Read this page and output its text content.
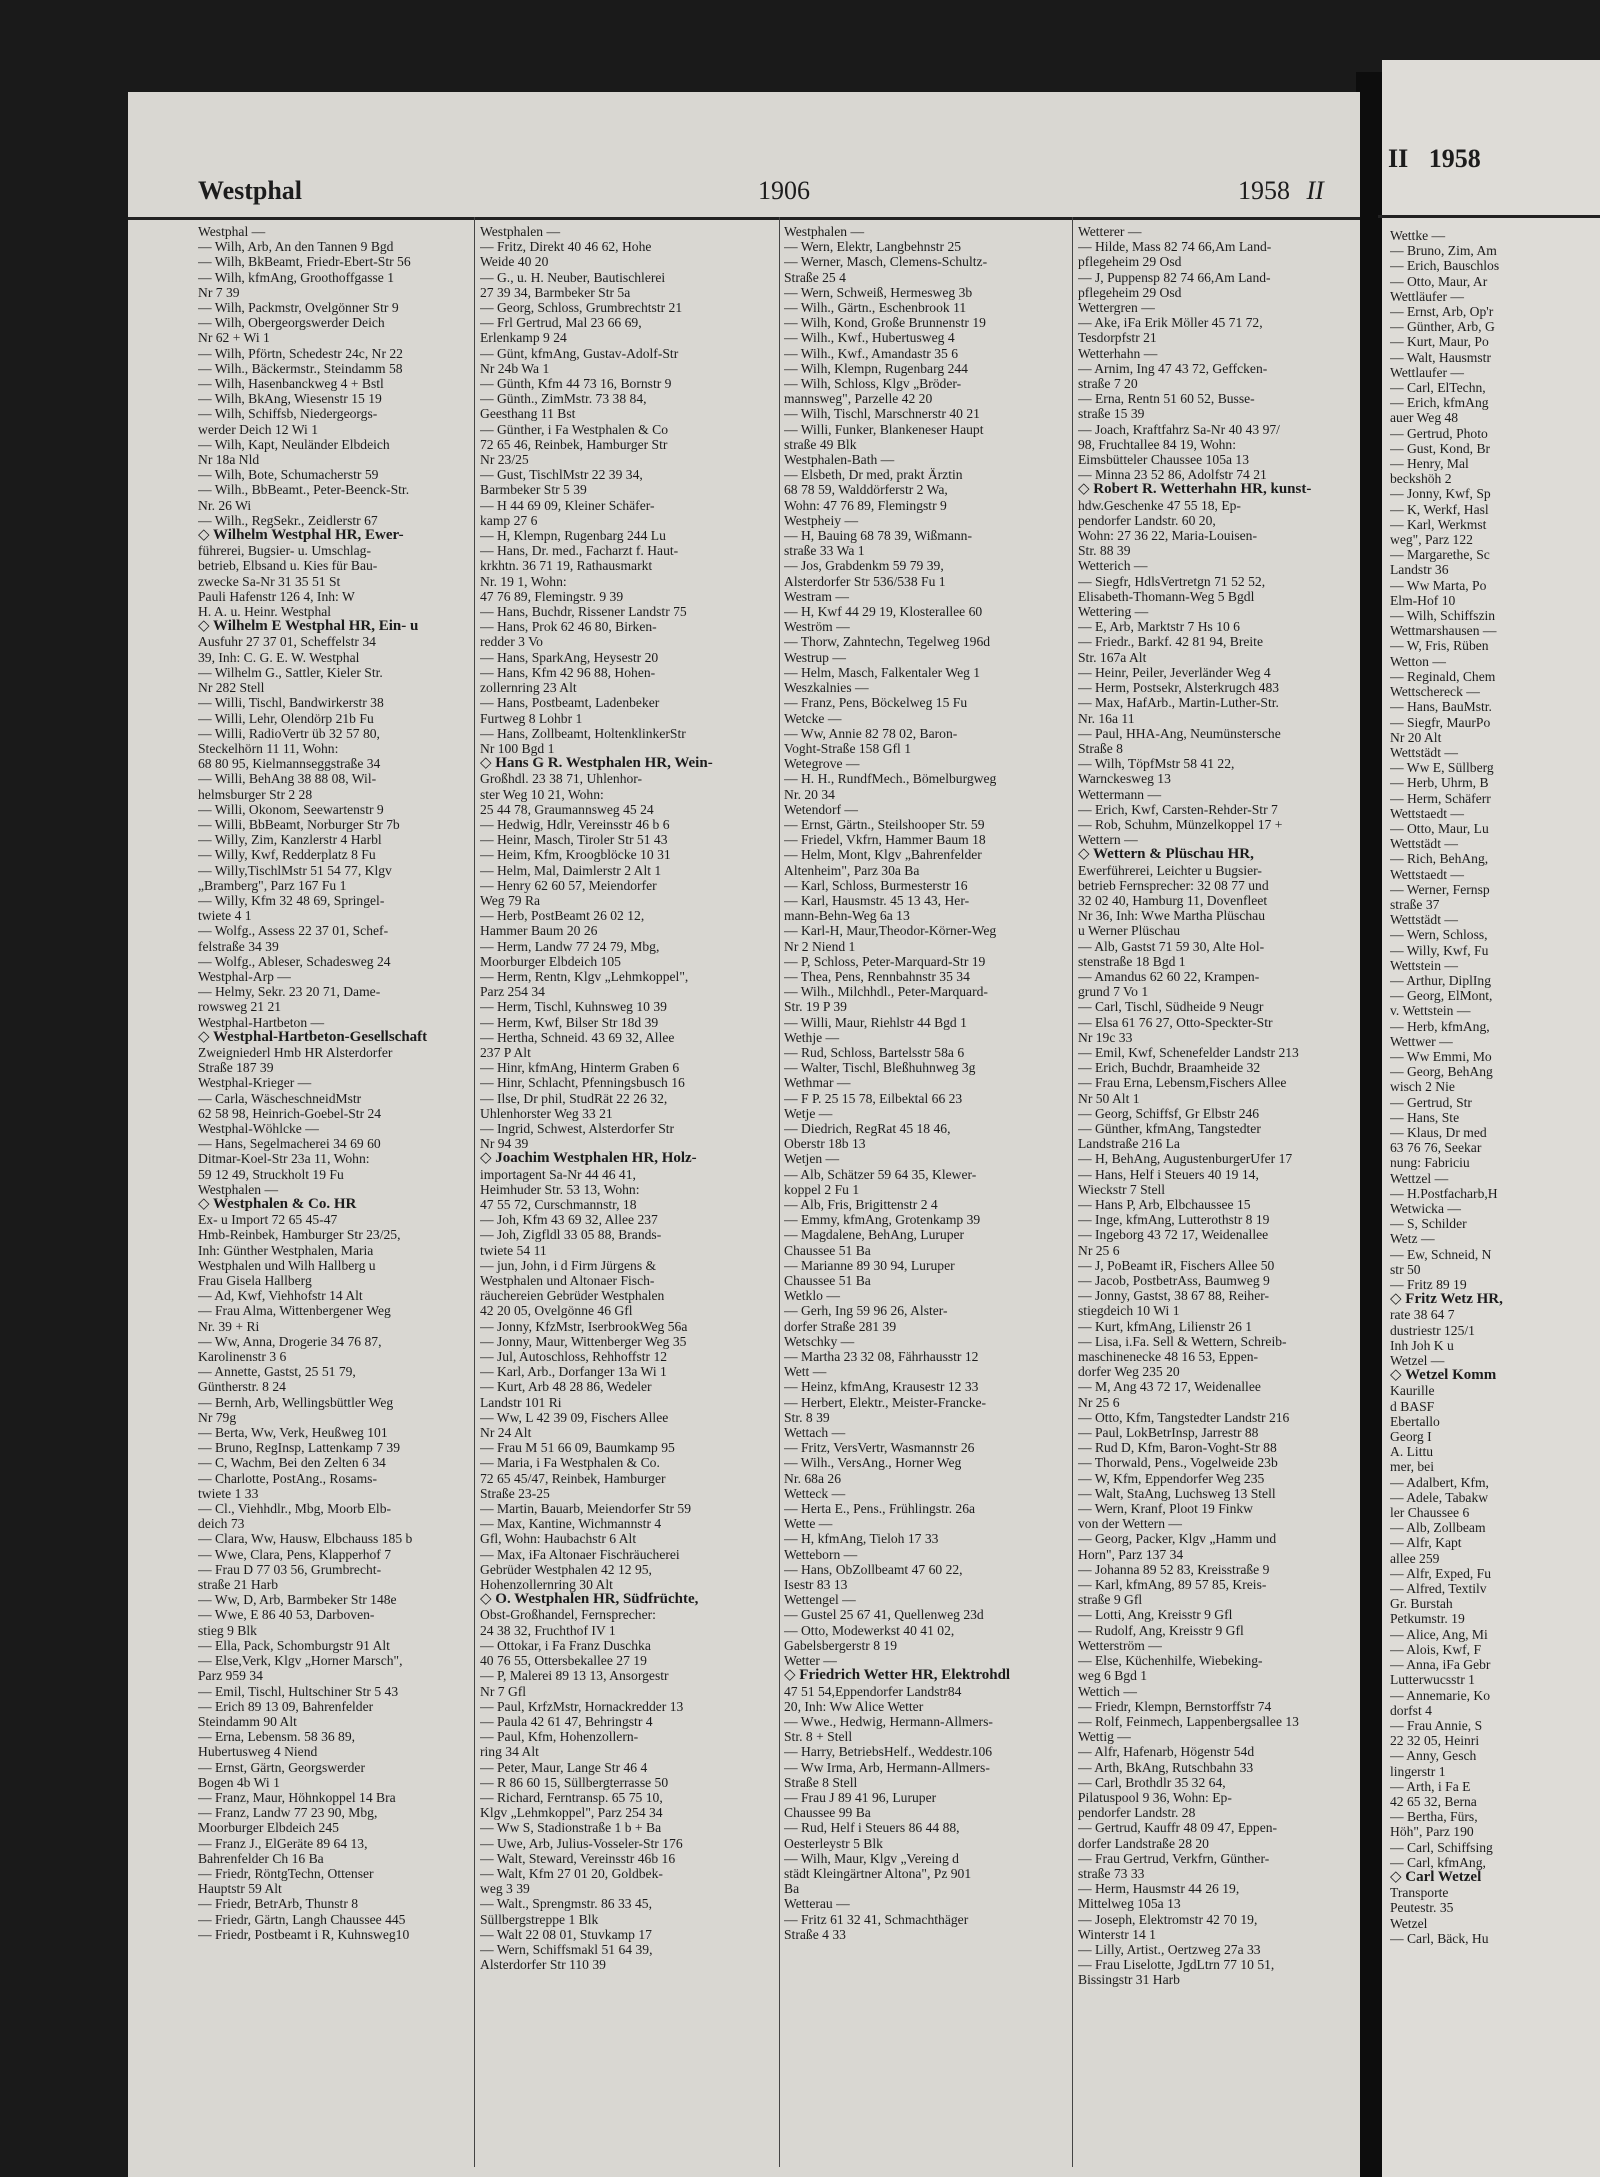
II 1958
Wettke —
— Bruno, Zim, Am
— Erich, Bauschlos
— Otto, Maur, Ar
Wettläufer —
— Ernst, Arb, Op'r
— Günther, Arb, G
— Kurt, Maur, Po
— Walt, Hausmstr
Wettlaufer —
— Carl, ElTechn,
— Erich, kfmAng
auer Weg 48
— Gertrud, Photo
— Gust, Kond, Br
— Henry, Mal
beckshöh 2
— Jonny, Kwf, Sp
— K, Werkf, Hasl
— Karl, Werkmst
weg", Parz 122
— Margarethe, Sc
Landstr 36
— Ww Marta, Po
Elm-Hof 10
— Wilh, Schiffszin
Wettmarshausen —
— W, Fris, Rüben
Wetton —
— Reginald, Chem
Wettschereck —
— Hans, BauMstr.
— Siegfr, MaurPo
Nr 20 Alt
Wettstädt —
— Ww E, Süllberg
— Herb, Uhrm, B
— Herm, Schäferr
Wettstaedt —
— Otto, Maur, Lu
Wettstädt —
— Rich, BehAng,
Wettstaedt —
— Werner, Fernsp
straße 37
Wettstädt —
— Wern, Schloss,
— Willy, Kwf, Fu
Wettstein —
— Arthur, DiplIng
— Georg, ElMont,
v. Wettstein —
— Herb, kfmAng,
Wettwer —
— Ww Emmi, Mo
— Georg, BehAng
wisch 2 Nie
— Gertrud, Str
— Hans, Ste
— Klaus, Dr med
63 76 76, Seekar
nung: Fabriciu
Wettzel —
— H.Postfacharb,H
Wetwicka —
— S, Schilder
Wetz —
— Ew, Schneid, N
str 50
— Fritz 89 19
◇ Fritz Wetz HR,
rate 38 64 7
dustriestr 125/1
Inh Joh K u
Wetzel —
◇ Wetzel Komm
Kaurille
d BASF
Ebertallo
Georg I
A. Littu
mer, bei
— Adalbert, Kfm,
— Adele, Tabakw
ler Chaussee 6
— Alb, Zollbeam
— Alfr, Kapt
allee 259
— Alfr, Exped, Fu
— Alfred, Textilv
Gr. Burstah
Petkumstr. 19
— Alice, Ang, Mi
— Alois, Kwf, F
— Anna, iFa Gebr
Lutterwucsstr 1
— Annemarie, Ko
dorfst 4
— Frau Annie, S
22 32 05, Heinri
— Anny, Gesch
lingerstr 1
— Arth, i Fa E
42 65 32, Berna
— Bertha, Fürs,
Höh", Parz 190
— Carl, Schiffsing
— Carl, kfmAng,
◇ Carl Wetzel
Transporte
Peutestr. 35
Wetzel
— Carl, Bäck, Hu
Westphal	1906	1958 II
Westphal —
— Wilh, Arb, An den Tannen 9 Bgd
— Wilh, BkBeamt, Friedr-Ebert-Str 56
— Wilh, kfmAng, Groothoffgasse 1
Nr 7 39
— Wilh, Packmstr, Ovelgönner Str 9
— Wilh, Obergeorgswerder Deich
Nr 62 + Wi 1
— Wilh, Pförtn, Schedestr 24c, Nr 22
— Wilh., Bäckermstr., Steindamm 58
— Wilh, Hasenbanckweg 4 + Bstl
— Wilh, BkAng, Wiesenstr 15 19
— Wilh, Schiffsb, Niedergeorgs-
werder Deich 12 Wi 1
— Wilh, Kapt, Neuländer Elbdeich
Nr 18a Nld
— Wilh, Bote, Schumacherstr 59
— Wilh., BbBeamt., Peter-Beenck-Str.
Nr. 26 Wi
— Wilh., RegSekr., Zeidlerstr 67
◇ Wilhelm Westphal HR, Ewer-
führerei, Bugsier- u. Umschlag-
betrieb, Elbsand u. Kies für Bau-
zwecke Sa-Nr 31 35 51 St
Pauli Hafenstr 126 4, Inh: W
H. A. u. Heinr. Westphal
◇ Wilhelm E Westphal HR, Ein- u
Ausfuhr 27 37 01, Scheffelstr 34
39, Inh: C. G. E. W. Westphal
— Wilhelm G., Sattler, Kieler Str.
Nr 282 Stell
— Willi, Tischl, Bandwirkerstr 38
— Willi, Lehr, Olendörp 21b Fu
— Willi, RadioVertr üb 32 57 80,
Steckelhörn 11 11, Wohn:
68 80 95, Kielmannseggstraße 34
— Willi, BehAng 38 88 08, Wil-
helmsburger Str 2 28
— Willi, Okonom, Seewartenstr 9
— Willi, BbBeamt, Norburger Str 7b
— Willy, Zim, Kanzlerstr 4 Harbl
— Willy, Kwf, Redderplatz 8 Fu
— Willy,TischlMstr 51 54 77, Klgv
„Bramberg", Parz 167 Fu 1
— Willy, Kfm 32 48 69, Springel-
twiete 4 1
— Wolfg., Assess 22 37 01, Schef-
felstraße 34 39
— Wolfg., Ableser, Schadesweg 24
Westphal-Arp —
— Helmy, Sekr. 23 20 71, Dame-
rowsweg 21 21
Westphal-Hartbeton —
◇ Westphal-Hartbeton-Gesellschaft
Zweigniederl Hmb HR Alsterdorfer
Straße 187 39
Westphal-Krieger —
— Carla, WäscheschneidMstr
62 58 98, Heinrich-Goebel-Str 24
Westphal-Wöhlcke —
— Hans, Segelmacherei 34 69 60
Ditmar-Koel-Str 23a 11, Wohn:
59 12 49, Struckholt 19 Fu
Westphalen —
◇ Westphalen & Co. HR
Ex- u Import 72 65 45-47
Hmb-Reinbek, Hamburger Str 23/25,
Inh: Günther Westphalen, Maria
Westphalen und Wilh Hallberg u
Frau Gisela Hallberg
— Ad, Kwf, Viehhofstr 14 Alt
— Frau Alma, Wittenbergener Weg
Nr. 39 + Ri
— Ww, Anna, Drogerie 34 76 87,
Karolinenstr 3 6
— Annette, Gastst, 25 51 79,
Güntherstr. 8 24
— Bernh, Arb, Wellingsbüttler Weg
Nr 79g
— Berta, Ww, Verk, Heußweg 101
— Bruno, RegInsp, Lattenkamp 7 39
— C, Wachm, Bei den Zelten 6 34
— Charlotte, PostAng., Rosams-
twiete 1 33
— Cl., Viehhdlr., Mbg, Moorb Elb-
deich 73
— Clara, Ww, Hausw, Elbchauss 185 b
— Wwe, Clara, Pens, Klapperhof 7
— Frau D 77 03 56, Grumbrecht-
straße 21 Harb
— Ww, D, Arb, Barmbeker Str 148e
— Wwe, E 86 40 53, Darboven-
stieg 9 Blk
— Ella, Pack, Schomburgstr 91 Alt
— Else,Verk, Klgv „Horner Marsch",
Parz 959 34
— Emil, Tischl, Hultschiner Str 5 43
— Erich 89 13 09, Bahrenfelder
Steindamm 90 Alt
— Erna, Lebensm. 58 36 89,
Hubertusweg 4 Niend
— Ernst, Gärtn, Georgswerder
Bogen 4b Wi 1
— Franz, Maur, Höhnkoppel 14 Bra
— Franz, Landw 77 23 90, Mbg,
Moorburger Elbdeich 245
— Franz J., ElGeräte 89 64 13,
Bahrenfelder Ch 16 Ba
— Friedr, RöntgTechn, Ottenser
Hauptstr 59 Alt
— Friedr, BetrArb, Thunstr 8
— Friedr, Gärtn, Langh Chaussee 445
— Friedr, Postbeamt i R, Kuhnsweg10
Westphalen —
— Fritz, Direkt 40 46 62, Hohe
Weide 40 20
— G., u. H. Neuber, Bautischlerei
27 39 34, Barmbeker Str 5a
— Georg, Schloss, Grumbrechtstr 21
— Frl Gertrud, Mal 23 66 69,
Erlenkamp 9 24
— Günt, kfmAng, Gustav-Adolf-Str
Nr 24b Wa 1
— Günth, Kfm 44 73 16, Bornstr 9
— Günth., ZimMstr. 73 38 84,
Geesthang 11 Bst
— Günther, i Fa Westphalen & Co
72 65 46, Reinbek, Hamburger Str
Nr 23/25
— Gust, TischlMstr 22 39 34,
Barmbeker Str 5 39
— H 44 69 09, Kleiner Schäfer-
kamp 27 6
— H, Klempn, Rugenbarg 244 Lu
— Hans, Dr. med., Facharzt f. Haut-
krkhtn. 36 71 19, Rathausmarkt
Nr. 19 1, Wohn:
47 76 89, Flemingstr. 9 39
— Hans, Buchdr, Rissener Landstr 75
— Hans, Prok 62 46 80, Birken-
redder 3 Vo
— Hans, SparkAng, Heysestr 20
— Hans, Kfm 42 96 88, Hohen-
zollernring 23 Alt
— Hans, Postbeamt, Ladenbeker
Furtweg 8 Lohbr 1
— Hans, Zollbeamt, HoltenklinkerStr
Nr 100 Bgd 1
◇ Hans G R. Westphalen HR, Wein-
Großhdl. 23 38 71, Uhlenhor-
ster Weg 10 21, Wohn:
25 44 78, Graumannsweg 45 24
— Hedwig, Hdlr, Vereinsstr 46 b 6
— Heinr, Masch, Tiroler Str 51 43
— Heim, Kfm, Kroogblöcke 10 31
— Helm, Mal, Daimlerstr 2 Alt 1
— Henry 62 60 57, Meiendorfer
Weg 79 Ra
— Herb, PostBeamt 26 02 12,
Hammer Baum 20 26
— Herm, Landw 77 24 79, Mbg,
Moorburger Elbdeich 105
— Herm, Rentn, Klgv „Lehmkoppel",
Parz 254 34
— Herm, Tischl, Kuhnsweg 10 39
— Herm, Kwf, Bilser Str 18d 39
— Hertha, Schneid. 43 69 32, Allee
237 P Alt
— Hinr, kfmAng, Hinterm Graben 6
— Hinr, Schlacht, Pfenningsbusch 16
— Ilse, Dr phil, StudRät 22 26 32,
Uhlenhorster Weg 33 21
— Ingrid, Schwest, Alsterdorfer Str
Nr 94 39
◇ Joachim Westphalen HR, Holz-
importagent Sa-Nr 44 46 41,
Heimhuder Str. 53 13, Wohn:
47 55 72, Curschmannstr, 18
— Joh, Kfm 43 69 32, Allee 237
— Joh, Zigfldl 33 05 88, Brands-
twiete 54 11
— jun, John, i d Firm Jürgens &
Westphalen und Altonaer Fisch-
räuchereien Gebrüder Westphalen
42 20 05, Ovelgönne 46 Gfl
— Jonny, KfzMstr, IserbrookWeg 56a
— Jonny, Maur, Wittenberger Weg 35
— Jul, Autoschloss, Rehhoffstr 12
— Karl, Arb., Dorfanger 13a Wi 1
— Kurt, Arb 48 28 86, Wedeler
Landstr 101 Ri
— Ww, L 42 39 09, Fischers Allee
Nr 24 Alt
— Frau M 51 66 09, Baumkamp 95
— Maria, i Fa Westphalen & Co.
72 65 45/47, Reinbek, Hamburger
Straße 23-25
— Martin, Bauarb, Meiendorfer Str 59
— Max, Kantine, Wichmannstr 4
Gfl, Wohn: Haubachstr 6 Alt
— Max, iFa Altonaer Fischräucherei
Gebrüder Westphalen 42 12 95,
Hohenzollernring 30 Alt
◇ O. Westphalen HR, Südfrüchte,
Obst-Großhandel, Fernsprecher:
24 38 32, Fruchthof IV 1
— Ottokar, i Fa Franz Duschka
40 76 55, Ottersbekallee 27 19
— P, Malerei 89 13 13, Ansorgestr
Nr 7 Gfl
— Paul, KrfzMstr, Hornackredder 13
— Paula 42 61 47, Behringstr 4
— Paul, Kfm, Hohenzollern-
ring 34 Alt
— Peter, Maur, Lange Str 46 4
— R 86 60 15, Süllbergterrasse 50
— Richard, Ferntransp. 65 75 10,
Klgv „Lehmkoppel", Parz 254 34
— Ww S, Stadionstraße 1 b + Ba
— Uwe, Arb, Julius-Vosseler-Str 176
— Walt, Steward, Vereinsstr 46b 16
— Walt, Kfm 27 01 20, Goldbek-
weg 3 39
— Walt., Sprengmstr. 86 33 45,
Süllbergstreppe 1 Blk
— Walt 22 08 01, Stuvkamp 17
— Wern, Schiffsmakl 51 64 39,
Alsterdorfer Str 110 39
Westphalen —
— Wern, Elektr, Langbehnstr 25
— Werner, Masch, Clemens-Schultz-
Straße 25 4
— Wern, Schweiß, Hermesweg 3b
— Wilh., Gärtn., Eschenbrook 11
— Wilh, Kond, Große Brunnenstr 19
— Wilh., Kwf., Hubertusweg 4
— Wilh., Kwf., Amandastr 35 6
— Wilh, Klempn, Rugenbarg 244
— Wilh, Schloss, Klgv „Bröder-
mannsweg", Parzelle 42 20
— Wilh, Tischl, Marschnerstr 40 21
— Willi, Funker, Blankeneser Haupt
straße 49 Blk
Westphalen-Bath —
— Elsbeth, Dr med, prakt Ärztin
68 78 59, Walddörferstr 2 Wa,
Wohn: 47 76 89, Flemingstr 9
Westpheiy —
— H, Bauing 68 78 39, Wißmann-
straße 33 Wa 1
— Jos, Grabdenkm 59 79 39,
Alsterdorfer Str 536/538 Fu 1
Westram —
— H, Kwf 44 29 19, Klosterallee 60
Weström —
— Thorw, Zahntechn, Tegelweg 196d
Westrup —
— Helm, Masch, Falkentaler Weg 1
Weszkalnies —
— Franz, Pens, Böckelweg 15 Fu
Wetcke —
— Ww, Annie 82 78 02, Baron-
Voght-Straße 158 Gfl 1
Wetegrove —
— H. H., RundfMech., Bömelburgweg
Nr. 20 34
Wetendorf —
— Ernst, Gärtn., Steilshooper Str. 59
— Friedel, Vkfrn, Hammer Baum 18
— Helm, Mont, Klgv „Bahrenfelder
Altenheim", Parz 30a Ba
— Karl, Schloss, Burmesterstr 16
— Karl, Hausmstr. 45 13 43, Her-
mann-Behn-Weg 6a 13
— Karl-H, Maur,Theodor-Körner-Weg
Nr 2 Niend 1
— P, Schloss, Peter-Marquard-Str 19
— Thea, Pens, Rennbahnstr 35 34
— Wilh., Milchhdl., Peter-Marquard-
Str. 19 P 39
— Willi, Maur, Riehlstr 44 Bgd 1
Wethje —
— Rud, Schloss, Bartelsstr 58a 6
— Walter, Tischl, Bleßhuhnweg 3g
Wethmar —
— F P. 25 15 78, Eilbektal 66 23
Wetje —
— Diedrich, RegRat 45 18 46,
Oberstr 18b 13
Wetjen —
— Alb, Schätzer 59 64 35, Klewer-
koppel 2 Fu 1
— Alb, Fris, Brigittenstr 2 4
— Emmy, kfmAng, Grotenkamp 39
— Magdalene, BehAng, Luruper
Chaussee 51 Ba
— Marianne 89 30 94, Luruper
Chaussee 51 Ba
Wetklo —
— Gerh, Ing 59 96 26, Alster-
dorfer Straße 281 39
Wetschky —
— Martha 23 32 08, Fährhausstr 12
Wett —
— Heinz, kfmAng, Krausestr 12 33
— Herbert, Elektr., Meister-Francke-
Str. 8 39
Wettach —
— Fritz, VersVertr, Wasmannstr 26
— Wilh., VersAng., Horner Weg
Nr. 68a 26
Wetteck —
— Herta E., Pens., Frühlingstr. 26a
Wette —
— H, kfmAng, Tieloh 17 33
Wetteborn —
— Hans, ObZollbeamt 47 60 22,
Isestr 83 13
Wettengel —
— Gustel 25 67 41, Quellenweg 23d
— Otto, Modewerkst 40 41 02,
Gabelsbergerstr 8 19
Wetter —
◇ Friedrich Wetter HR, Elektrohdl
47 51 54,Eppendorfer Landstr84
20, Inh: Ww Alice Wetter
— Wwe., Hedwig, Hermann-Allmers-
Str. 8 + Stell
— Harry, BetriebsHelf., Weddestr.106
— Ww Irma, Arb, Hermann-Allmers-
Straße 8 Stell
— Frau J 89 41 96, Luruper
Chaussee 99 Ba
— Rud, Helf i Steuers 86 44 88,
Oesterleystr 5 Blk
— Wilh, Maur, Klgv „Vereing d
städt Kleingärtner Altona", Pz 901
Ba
Wetterau —
— Fritz 61 32 41, Schmachthäger
Straße 4 33
Wetterer —
— Hilde, Mass 82 74 66,Am Land-
pflegeheim 29 Osd
— J, Puppensp 82 74 66,Am Land-
pflegeheim 29 Osd
Wettergren —
— Ake, iFa Erik Möller 45 71 72,
Tesdorpfstr 21
Wetterhahn —
— Arnim, Ing 47 43 72, Geffcken-
straße 7 20
— Erna, Rentn 51 60 52, Busse-
straße 15 39
— Joach, Kraftfahrz Sa-Nr 40 43 97/
98, Fruchtallee 84 19, Wohn:
Eimsbütteler Chaussee 105a 13
— Minna 23 52 86, Adolfstr 74 21
◇ Robert R. Wetterhahn HR, kunst-
hdw.Geschenke 47 55 18, Ep-
pendorfer Landstr. 60 20,
Wohn: 27 36 22, Maria-Louisen-
Str. 88 39
Wetterich —
— Siegfr, HdlsVertretgn 71 52 52,
Elisabeth-Thomann-Weg 5 Bgdl
Wettering —
— E, Arb, Marktstr 7 Hs 10 6
— Friedr., Barkf. 42 81 94, Breite
Str. 167a Alt
— Heinr, Peiler, Jeverländer Weg 4
— Herm, Postsekr, Alsterkrugch 483
— Max, HafArb., Martin-Luther-Str.
Nr. 16a 11
— Paul, HHA-Ang, Neumünstersche
Straße 8
— Wilh, TöpfMstr 58 41 22,
Warnckesweg 13
Wettermann —
— Erich, Kwf, Carsten-Rehder-Str 7
— Rob, Schuhm, Münzelkoppel 17 +
Wettern —
◇ Wettern & Plüschau HR,
Ewerführerei, Leichter u Bugsier-
betrieb Fernsprecher: 32 08 77 und
32 02 40, Hamburg 11, Dovenfleet
Nr 36, Inh: Wwe Martha Plüschau
u Werner Plüschau
— Alb, Gastst 71 59 30, Alte Hol-
stenstraße 18 Bgd 1
— Amandus 62 60 22, Krampen-
grund 7 Vo 1
— Carl, Tischl, Südheide 9 Neugr
— Elsa 61 76 27, Otto-Speckter-Str
Nr 19c 33
— Emil, Kwf, Schenefelder Landstr 213
— Erich, Buchdr, Braamheide 32
— Frau Erna, Lebensm,Fischers Allee
Nr 50 Alt 1
— Georg, Schiffsf, Gr Elbstr 246
— Günther, kfmAng, Tangstedter
Landstraße 216 La
— H, BehAng, AugustenburgerUfer 17
— Hans, Helf i Steuers 40 19 14,
Wieckstr 7 Stell
— Hans P, Arb, Elbchaussee 15
— Inge, kfmAng, Lutterothstr 8 19
— Ingeborg 43 72 17, Weidenallee
Nr 25 6
— J, PoBeamt iR, Fischers Allee 50
— Jacob, PostbetrAss, Baumweg 9
— Jonny, Gastst, 38 67 88, Reiher-
stiegdeich 10 Wi 1
— Kurt, kfmAng, Lilienstr 26 1
— Lisa, i.Fa. Sell & Wettern, Schreib-
maschinenecke 48 16 53, Eppen-
dorfer Weg 235 20
— M, Ang 43 72 17, Weidenallee
Nr 25 6
— Otto, Kfm, Tangstedter Landstr 216
— Paul, LokBetrInsp, Jarrestr 88
— Rud D, Kfm, Baron-Voght-Str 88
— Thorwald, Pens., Vogelweide 23b
— W, Kfm, Eppendorfer Weg 235
— Walt, StaAng, Luchsweg 13 Stell
— Wern, Kranf, Ploot 19 Finkw
von der Wettern —
— Georg, Packer, Klgv „Hamm und
Horn", Parz 137 34
— Johanna 89 52 83, Kreisstraße 9
— Karl, kfmAng, 89 57 85, Kreis-
straße 9 Gfl
— Lotti, Ang, Kreisstr 9 Gfl
— Rudolf, Ang, Kreisstr 9 Gfl
Wetterström —
— Else, Küchenhilfe, Wiebeking-
weg 6 Bgd 1
Wettich —
— Friedr, Klempn, Bernstorffstr 74
— Rolf, Feinmech, Lappenbergsallee 13
Wettig —
— Alfr, Hafenarb, Högenstr 54d
— Arth, BkAng, Rutschbahn 33
— Carl, Brothdlr 35 32 64,
Pilatuspool 9 36, Wohn: Ep-
pendorfer Landstr. 28
— Gertrud, Kauffr 48 09 47, Eppen-
dorfer Landstraße 28 20
— Frau Gertrud, Verkfrn, Günther-
straße 73 33
— Herm, Hausmstr 44 26 19,
Mittelweg 105a 13
— Joseph, Elektromstr 42 70 19,
Winterstr 14 1
— Lilly, Artist., Oertzweg 27a 33
— Frau Liselotte, JgdLtrn 77 10 51,
Bissingstr 31 Harb
